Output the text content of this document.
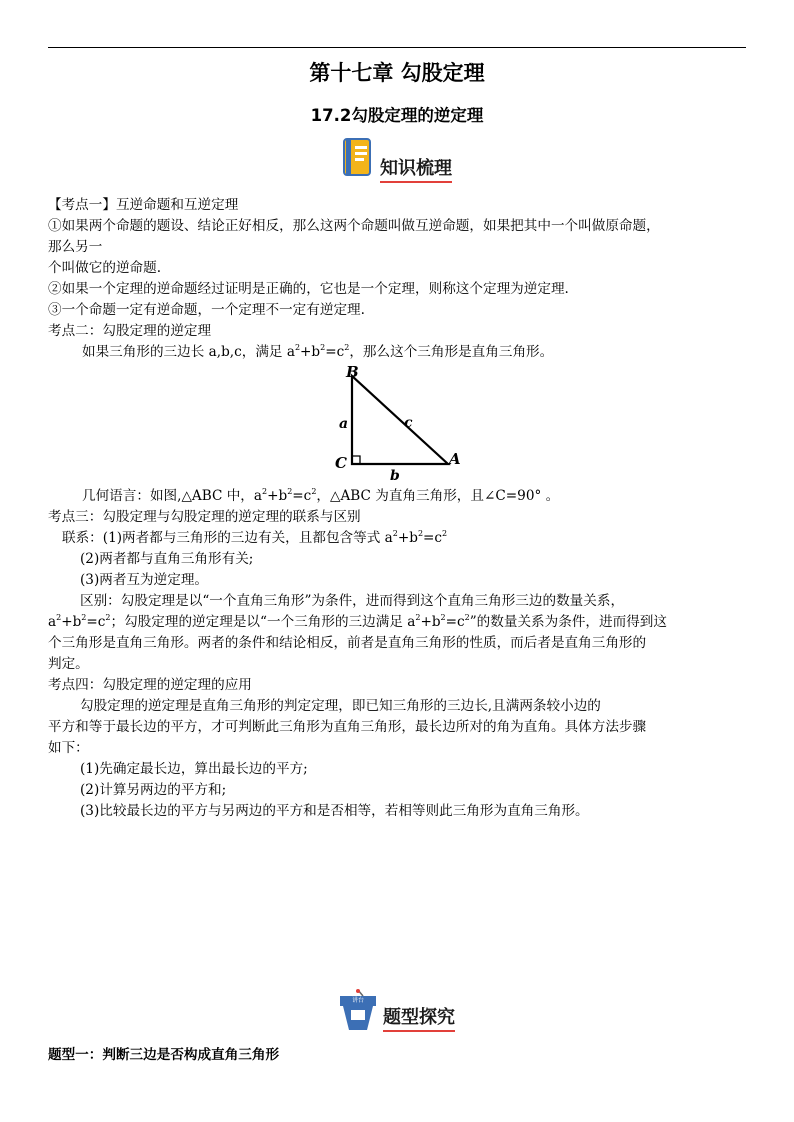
第十七章 勾股定理
17.2勾股定理的逆定理
知识梳理
【考点一】互逆命题和互逆定理
①如果两个命题的题设、结论正好相反，那么这两个命题叫做互逆命题，如果把其中一个叫做原命题，
那么另一
个叫做它的逆命题.
②如果一个定理的逆命题经过证明是正确的，它也是一个定理，则称这个定理为逆定理.
③一个命题一定有逆命题，一个定理不一定有逆定理.
考点二：勾股定理的逆定理
如果三角形的三边长 a,b,c，满足 $a^2+b^2=c^2$，那么这个三角形是直角三角形。
B
C	A
a	c
b
几何语言：如图,△ABC 中，$a^2+b^2=c^2$，△ABC 为直角三角形，且∠C=90° 。
考点三：勾股定理与勾股定理的逆定理的联系与区别
联系：(1)两者都与三角形的三边有关，且都包含等式 $a^2+b^2=c^2$
(2)两者都与直角三角形有关;
(3)两者互为逆定理。
区别：勾股定理是以“一个直角三角形”为条件，进而得到这个直角三角形三边的数量关系，
$a^2+b^2=c^2$；勾股定理的逆定理是以“一个三角形的三边满足 $a^2+b^2=c^2$”的数量关系为条件，进而得到这
个三角形是直角三角形。两者的条件和结论相反，前者是直角三角形的性质，而后者是直角三角形的
判定。
考点四：勾股定理的逆定理的应用
勾股定理的逆定理是直角三角形的判定定理，即已知三角形的三边长,且满两条较小边的
平方和等于最长边的平方，才可判断此三角形为直角三角形，最长边所对的角为直角。具体方法步骤
如下：
(1)先确定最长边，算出最长边的平方;
(2)计算另两边的平方和;
(3)比较最长边的平方与另两边的平方和是否相等，若相等则此三角形为直角三角形。
讲台
题型探究
题型一：判断三边是否构成直角三角形
